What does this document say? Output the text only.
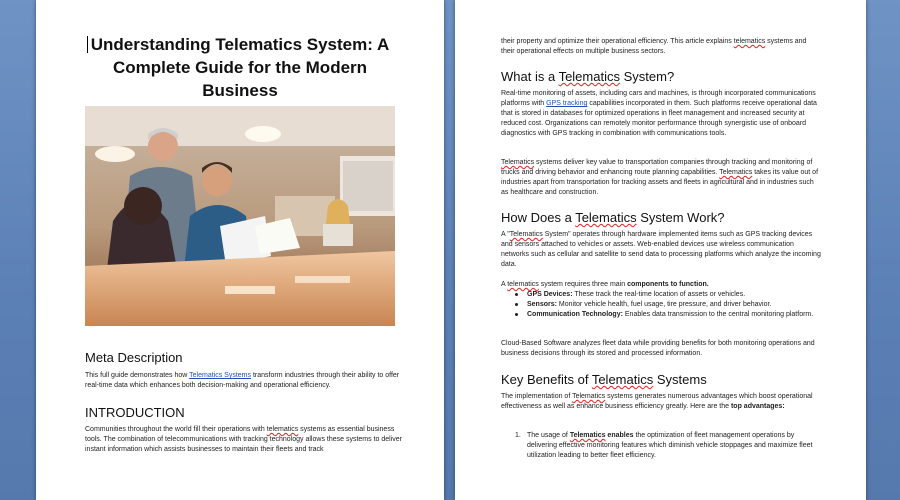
Understanding Telematics System: A Complete Guide for the Modern Business
Meta Description
This full guide demonstrates how Telematics Systems transform industries through their ability to offer real-time data which enhances both decision-making and operational efficiency.
INTRODUCTION
Communities throughout the world fill their operations with telematics systems as essential business tools. The combination of telecommunications with tracking technology allows these systems to deliver instant information which assists businesses to maintain their fleets and track
their property and optimize their operational efficiency. This article explains telematics systems and their operational effects on multiple business sectors.
What is a Telematics System?
Real-time monitoring of assets, including cars and machines, is through incorporated communications platforms with GPS tracking capabilities incorporated in them. Such platforms receive operational data that is stored in databases for optimized operations in fleet management and increased security at reduced cost. Organizations can remotely monitor performance through synergistic use of onboard diagnostics with GPS tracking in combination with communications tools.
Telematics systems deliver key value to transportation companies through tracking and monitoring of trucks and driving behavior and enhancing route planning capabilities. Telematics takes its value out of industries apart from transportation for tracking assets and fleets in agricultural and in industries such as healthcare and construction.
How Does a Telematics System Work?
A "Telematics System" operates through hardware implemented items such as GPS tracking devices and sensors attached to vehicles or assets. Web-enabled devices use wireless communication networks such as cellular and satellite to send data to processing platforms which analyze the incoming data.
A telematics system requires three main components to function.
GPS Devices: These track the real-time location of assets or vehicles.
Sensors: Monitor vehicle health, fuel usage, tire pressure, and driver behavior.
Communication Technology: Enables data transmission to the central monitoring platform.
Cloud-Based Software analyzes fleet data while providing benefits for both monitoring operations and business decisions through its stored and processed information.
Key Benefits of Telematics Systems
The implementation of Telematics systems generates numerous advantages which boost operational effectiveness as well as enhance business efficiency greatly. Here are the top advantages:
1. The usage of Telematics enables the optimization of fleet management operations by delivering effective monitoring features which diminish vehicle stoppages and maximize fleet utilization leading to better fleet efficiency.
